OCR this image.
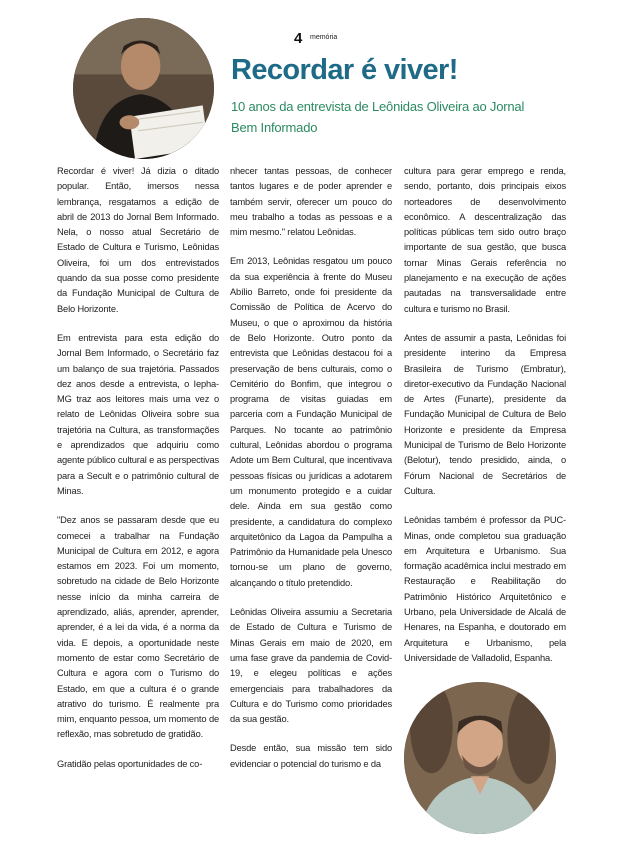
4 memória
Recordar é viver!
10 anos da entrevista de Leônidas Oliveira ao Jornal Bem Informado

Recordar é viver! Já dizia o ditado popular. Então, imersos nessa lembrança, resgatamos a edição de abril de 2013 do Jornal Bem Informado. Nela, o nosso atual Secretário de Estado de Cultura e Turismo, Leônidas Oliveira, foi um dos entrevistados quando da sua posse como presidente da Fundação Municipal de Cultura de Belo Horizonte.

Em entrevista para esta edição do Jornal Bem Informado, o Secretário faz um balanço de sua trajetória. Passados dez anos desde a entrevista, o Iepha-MG traz aos leitores mais uma vez o relato de Leônidas Oliveira sobre sua trajetória na Cultura, as transformações e aprendizados que adquiriu como agente público cultural e as perspectivas para a Secult e o patrimônio cultural de Minas.

"Dez anos se passaram desde que eu comecei a trabalhar na Fundação Municipal de Cultura em 2012, e agora estamos em 2023. Foi um momento, sobretudo na cidade de Belo Horizonte nesse início da minha carreira de aprendizado, aliás, aprender, aprender, aprender, é a lei da vida, é a norma da vida. E depois, a oportunidade neste momento de estar como Secretário de Cultura e agora com o Turismo do Estado, em que a cultura é o grande atrativo do turismo. É realmente pra mim, enquanto pessoa, um momento de reflexão, mas sobretudo de gratidão.

Gratidão pelas oportunidades de co-

nhecer tantas pessoas, de conhecer tantos lugares e de poder aprender e também servir, oferecer um pouco do meu trabalho a todas as pessoas e a mim mesmo." relatou Leônidas.

Em 2013, Leônidas resgatou um pouco da sua experiência à frente do Museu Abílio Barreto, onde foi presidente da Comissão de Política de Acervo do Museu, o que o aproximou da história de Belo Horizonte. Outro ponto da entrevista que Leônidas destacou foi a preservação de bens culturais, como o Cemitério do Bonfim, que integrou o programa de visitas guiadas em parceria com a Fundação Municipal de Parques. No tocante ao patrimônio cultural, Leônidas abordou o programa Adote um Bem Cultural, que incentivava pessoas físicas ou jurídicas a adotarem um monumento protegido e a cuidar dele. Ainda em sua gestão como presidente, a candidatura do complexo arquitetônico da Lagoa da Pampulha a Patrimônio da Humanidade pela Unesco tornou-se um plano de governo, alcançando o título pretendido.

Leônidas Oliveira assumiu a Secretaria de Estado de Cultura e Turismo de Minas Gerais em maio de 2020, em uma fase grave da pandemia de Covid-19, e elegeu políticas e ações emergenciais para trabalhadores da Cultura e do Turismo como prioridades da sua gestão.

Desde então, sua missão tem sido evidenciar o potencial do turismo e da

cultura para gerar emprego e renda, sendo, portanto, dois principais eixos norteadores de desenvolvimento econômico. A descentralização das políticas públicas tem sido outro braço importante de sua gestão, que busca tornar Minas Gerais referência no planejamento e na execução de ações pautadas na transversalidade entre cultura e turismo no Brasil.

Antes de assumir a pasta, Leônidas foi presidente interino da Empresa Brasileira de Turismo (Embratur), diretor-executivo da Fundação Nacional de Artes (Funarte), presidente da Fundação Municipal de Cultura de Belo Horizonte e presidente da Empresa Municipal de Turismo de Belo Horizonte (Belotur), tendo presidido, ainda, o Fórum Nacional de Secretários de Cultura.

Leônidas também é professor da PUC-Minas, onde completou sua graduação em Arquitetura e Urbanismo. Sua formação acadêmica inclui mestrado em Restauração e Reabilitação do Patrimônio Histórico Arquitetônico e Urbano, pela Universidade de Alcalá de Henares, na Espanha, e doutorado em Arquitetura e Urbanismo, pela Universidade de Valladolid, Espanha.
